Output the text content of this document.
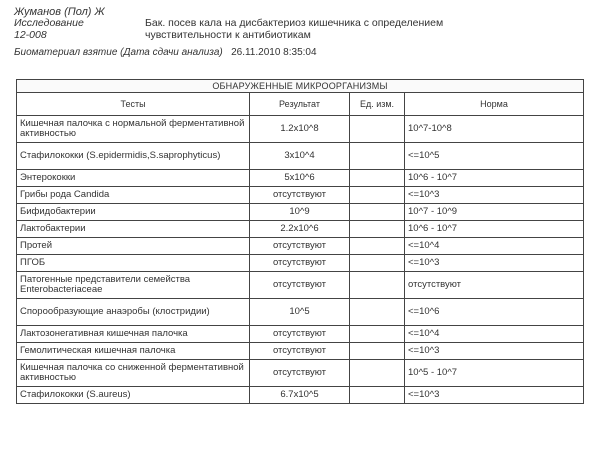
Жуманов (Пол) Ж
Исследование
12-008
Бак. посев кала на дисбактериоз кишечника с определением чувствительности к антибиотикам
Биоматериал взятие (Дата сдачи анализа) 26.11.2010 8:35:04
ОБНАРУЖЕННЫЕ МИКРООРГАНИЗМЫ			
Тесты	Результат	Ед. изм.	Норма
Кишечная палочка с нормальной ферментативной активностью	1.2x10^8		10^7-10^8
Стафилококки (S.epidermidis,S.saprophyticus)	3x10^4		<=10^5
Энтерококки	5x10^6		10^6 - 10^7
Грибы рода Candida	отсутствуют		<=10^3
Бифидобактерии	10^9		10^7 - 10^9
Лактобактерии	2.2x10^6		10^6 - 10^7
Протей	отсутствуют		<=10^4
ПГОБ	отсутствуют		<=10^3
Патогенные представители семейства Enterobacteriaceae	отсутствуют		отсутствуют
Спорообразующие анаэробы (клостридии)	10^5		<=10^6
Лактозонегативная кишечная палочка	отсутствуют		<=10^4
Гемолитическая кишечная палочка	отсутствуют		<=10^3
Кишечная палочка со сниженной ферментативной активностью	отсутствуют		10^5 - 10^7
Стафилококки (S.aureus)	6.7x10^5		<=10^3
